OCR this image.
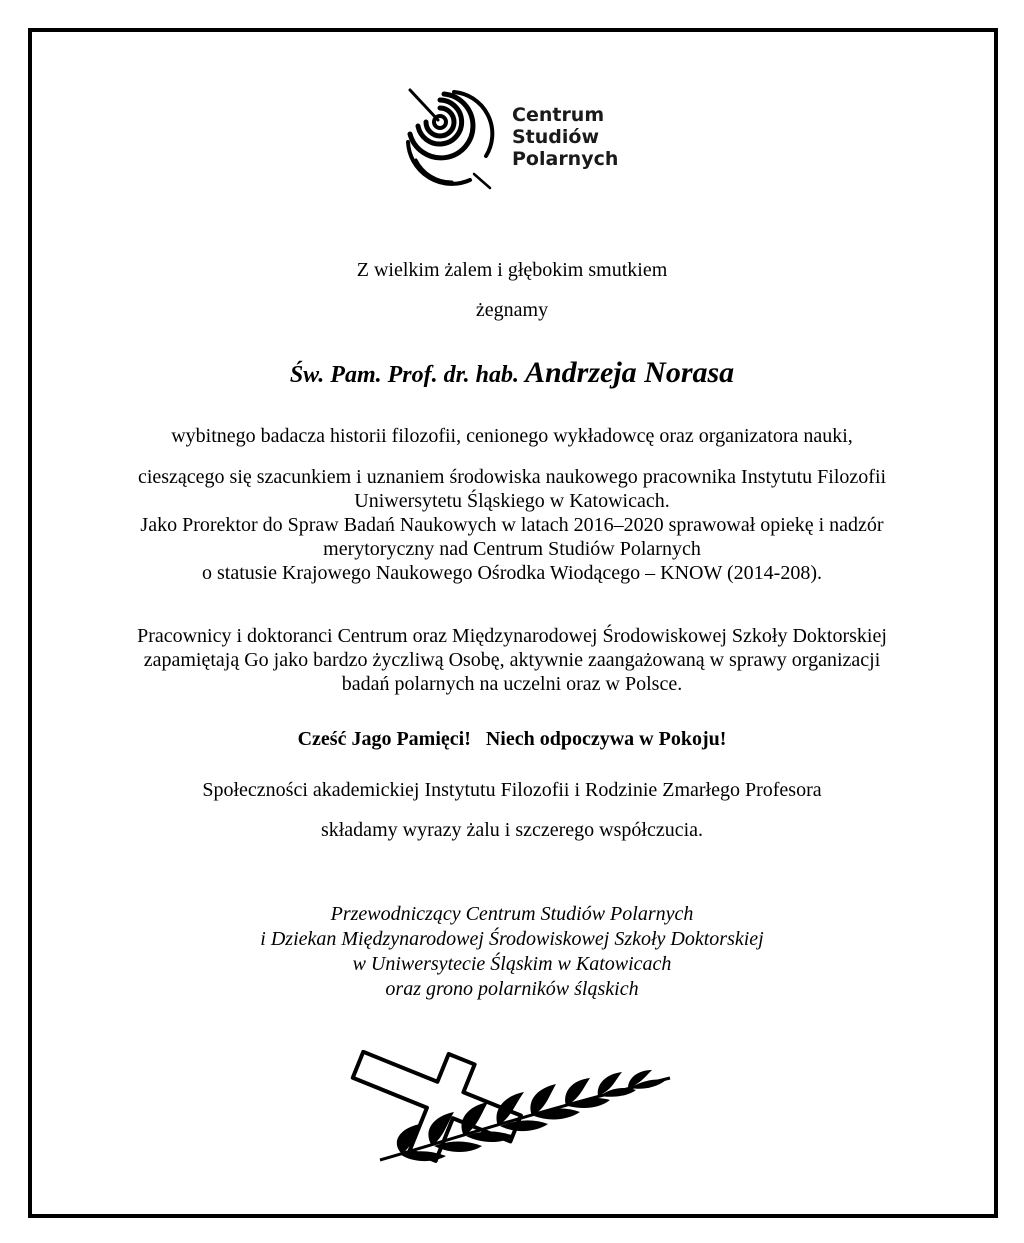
Centrum
Studiów
Polarnych
Z wielkim żalem i głębokim smutkiem
żegnamy
Św. Pam. Prof. dr. hab. Andrzeja Norasa
wybitnego badacza historii filozofii, cenionego wykładowcę oraz organizatora nauki,
cieszącego się szacunkiem i uznaniem środowiska naukowego pracownika Instytutu Filozofii
Uniwersytetu Śląskiego w Katowicach.
Jako Prorektor do Spraw Badań Naukowych w latach 2016–2020 sprawował opiekę i nadzór
merytoryczny nad Centrum Studiów Polarnych
o statusie Krajowego Naukowego Ośrodka Wiodącego – KNOW (2014-208).
Pracownicy i doktoranci Centrum oraz Międzynarodowej Środowiskowej Szkoły Doktorskiej
zapamiętają Go jako bardzo życzliwą Osobę, aktywnie zaangażowaną w sprawy organizacji
badań polarnych na uczelni oraz w Polsce.
Cześć Jago Pamięci!   Niech odpoczywa w Pokoju!
Społeczności akademickiej Instytutu Filozofii i Rodzinie Zmarłego Profesora
składamy wyrazy żalu i szczerego współczucia.
Przewodniczący Centrum Studiów Polarnych
i Dziekan Międzynarodowej Środowiskowej Szkoły Doktorskiej
w Uniwersytecie Śląskim w Katowicach
oraz grono polarników śląskich
